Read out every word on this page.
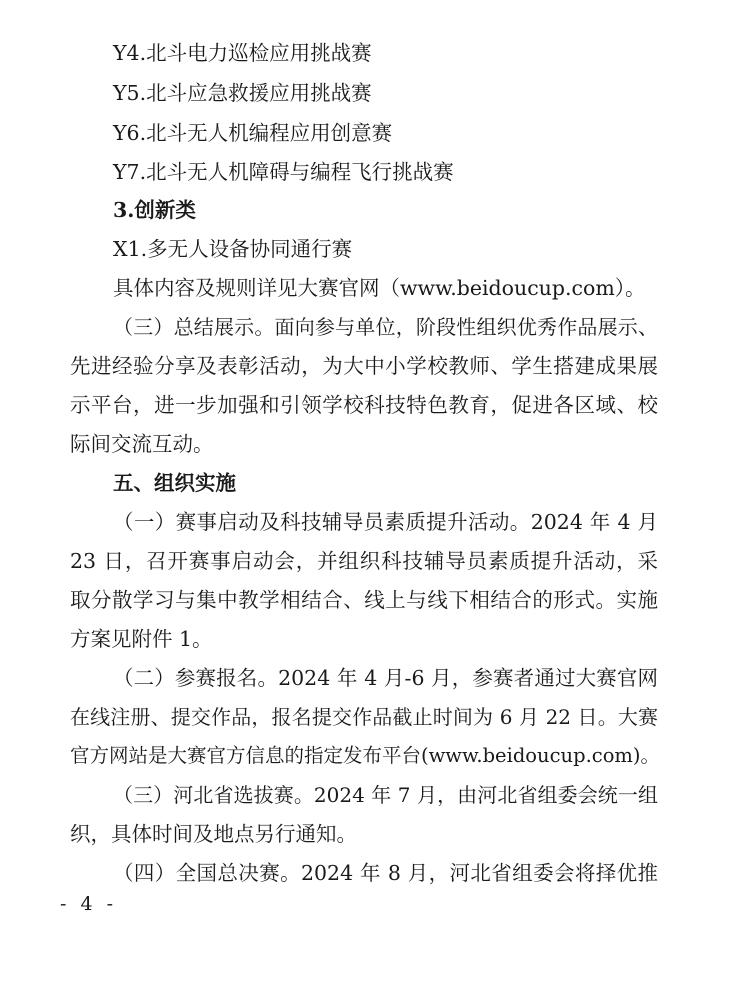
Y4.北斗电力巡检应用挑战赛
Y5.北斗应急救援应用挑战赛
Y6.北斗无人机编程应用创意赛
Y7.北斗无人机障碍与编程飞行挑战赛
3.创新类
X1.多无人设备协同通行赛
具体内容及规则详见大赛官网（www.beidoucup.com）。
（三）总结展示。面向参与单位，阶段性组织优秀作品展示、
先进经验分享及表彰活动，为大中小学校教师、学生搭建成果展
示平台，进一步加强和引领学校科技特色教育，促进各区域、校
际间交流互动。
五、组织实施
（一）赛事启动及科技辅导员素质提升活动。2024 年 4 月
23 日，召开赛事启动会，并组织科技辅导员素质提升活动，采
取分散学习与集中教学相结合、线上与线下相结合的形式。实施
方案见附件 1。
（二）参赛报名。2024 年 4 月-6 月，参赛者通过大赛官网
在线注册、提交作品，报名提交作品截止时间为 6 月 22 日。大赛
官方网站是大赛官方信息的指定发布平台(www.beidoucup.com)。
（三）河北省选拔赛。2024 年 7 月，由河北省组委会统一组
织，具体时间及地点另行通知。
（四）全国总决赛。2024 年 8 月，河北省组委会将择优推
- 4 -
